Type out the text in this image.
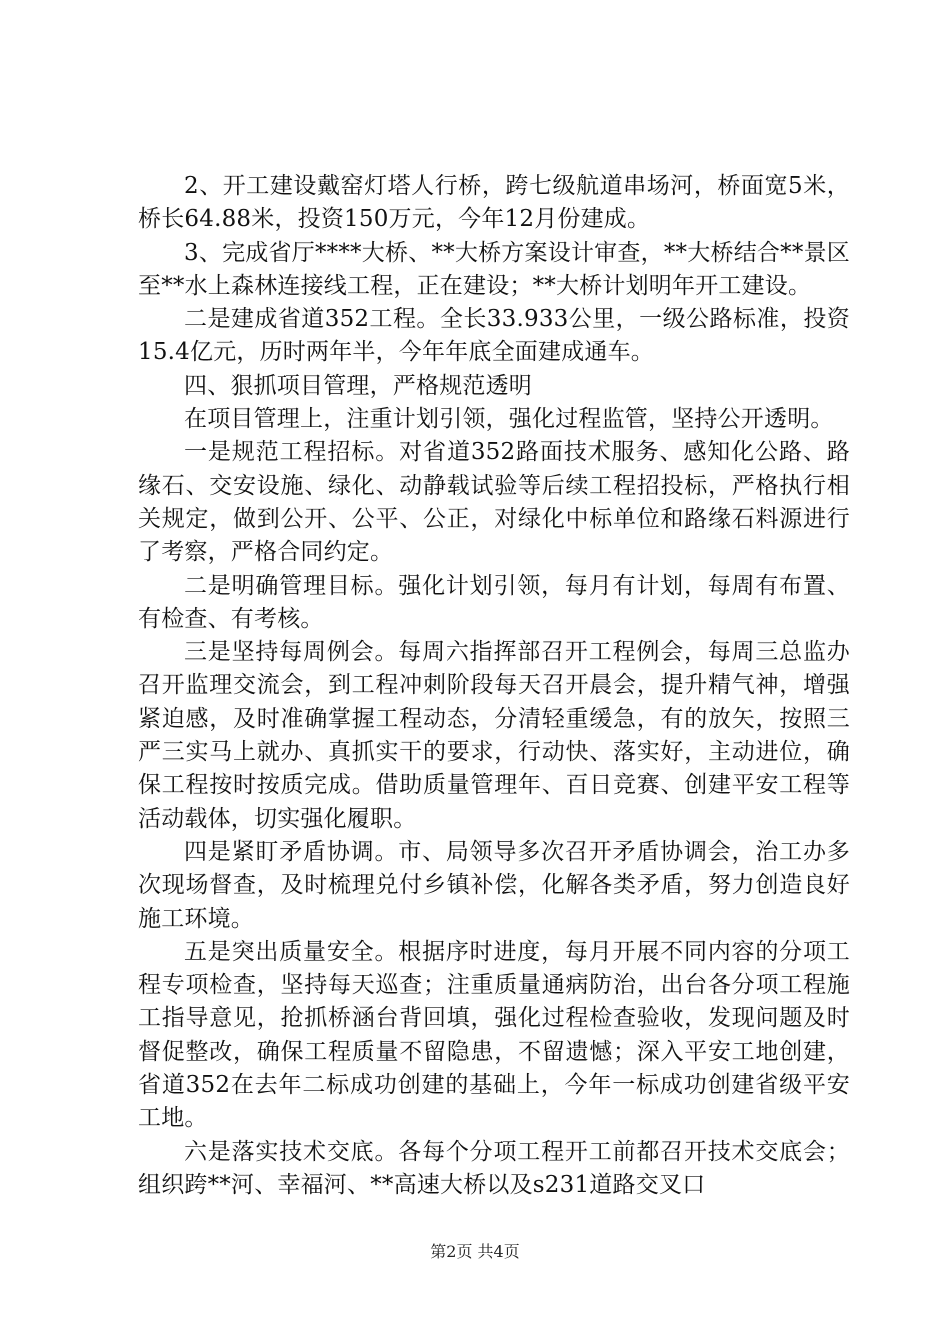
2、开工建设戴窑灯塔人行桥，跨七级航道串场河，桥面宽5米，桥长64.88米，投资150万元，今年12月份建成。

3、完成省厅****大桥、**大桥方案设计审查，**大桥结合**景区至**水上森林连接线工程，正在建设；**大桥计划明年开工建设。

二是建成省道352工程。全长33.933公里，一级公路标准，投资15.4亿元，历时两年半，今年年底全面建成通车。

四、狠抓项目管理，严格规范透明

在项目管理上，注重计划引领，强化过程监管，坚持公开透明。

一是规范工程招标。对省道352路面技术服务、感知化公路、路缘石、交安设施、绿化、动静载试验等后续工程招投标，严格执行相关规定，做到公开、公平、公正，对绿化中标单位和路缘石料源进行了考察，严格合同约定。

二是明确管理目标。强化计划引领，每月有计划，每周有布置、有检查、有考核。

三是坚持每周例会。每周六指挥部召开工程例会，每周三总监办召开监理交流会，到工程冲刺阶段每天召开晨会，提升精气神，增强紧迫感，及时准确掌握工程动态，分清轻重缓急，有的放矢，按照三严三实马上就办、真抓实干的要求，行动快、落实好，主动进位，确保工程按时按质完成。借助质量管理年、百日竞赛、创建平安工程等活动载体，切实强化履职。

四是紧盯矛盾协调。市、局领导多次召开矛盾协调会，治工办多次现场督查，及时梳理兑付乡镇补偿，化解各类矛盾，努力创造良好施工环境。

五是突出质量安全。根据序时进度，每月开展不同内容的分项工程专项检查，坚持每天巡查；注重质量通病防治，出台各分项工程施工指导意见，抢抓桥涵台背回填，强化过程检查验收，发现问题及时督促整改，确保工程质量不留隐患，不留遗憾；深入平安工地创建，省道352在去年二标成功创建的基础上，今年一标成功创建省级平安工地。

六是落实技术交底。各每个分项工程开工前都召开技术交底会；组织跨**河、幸福河、**高速大桥以及s231道路交叉口

第2页 共4页
